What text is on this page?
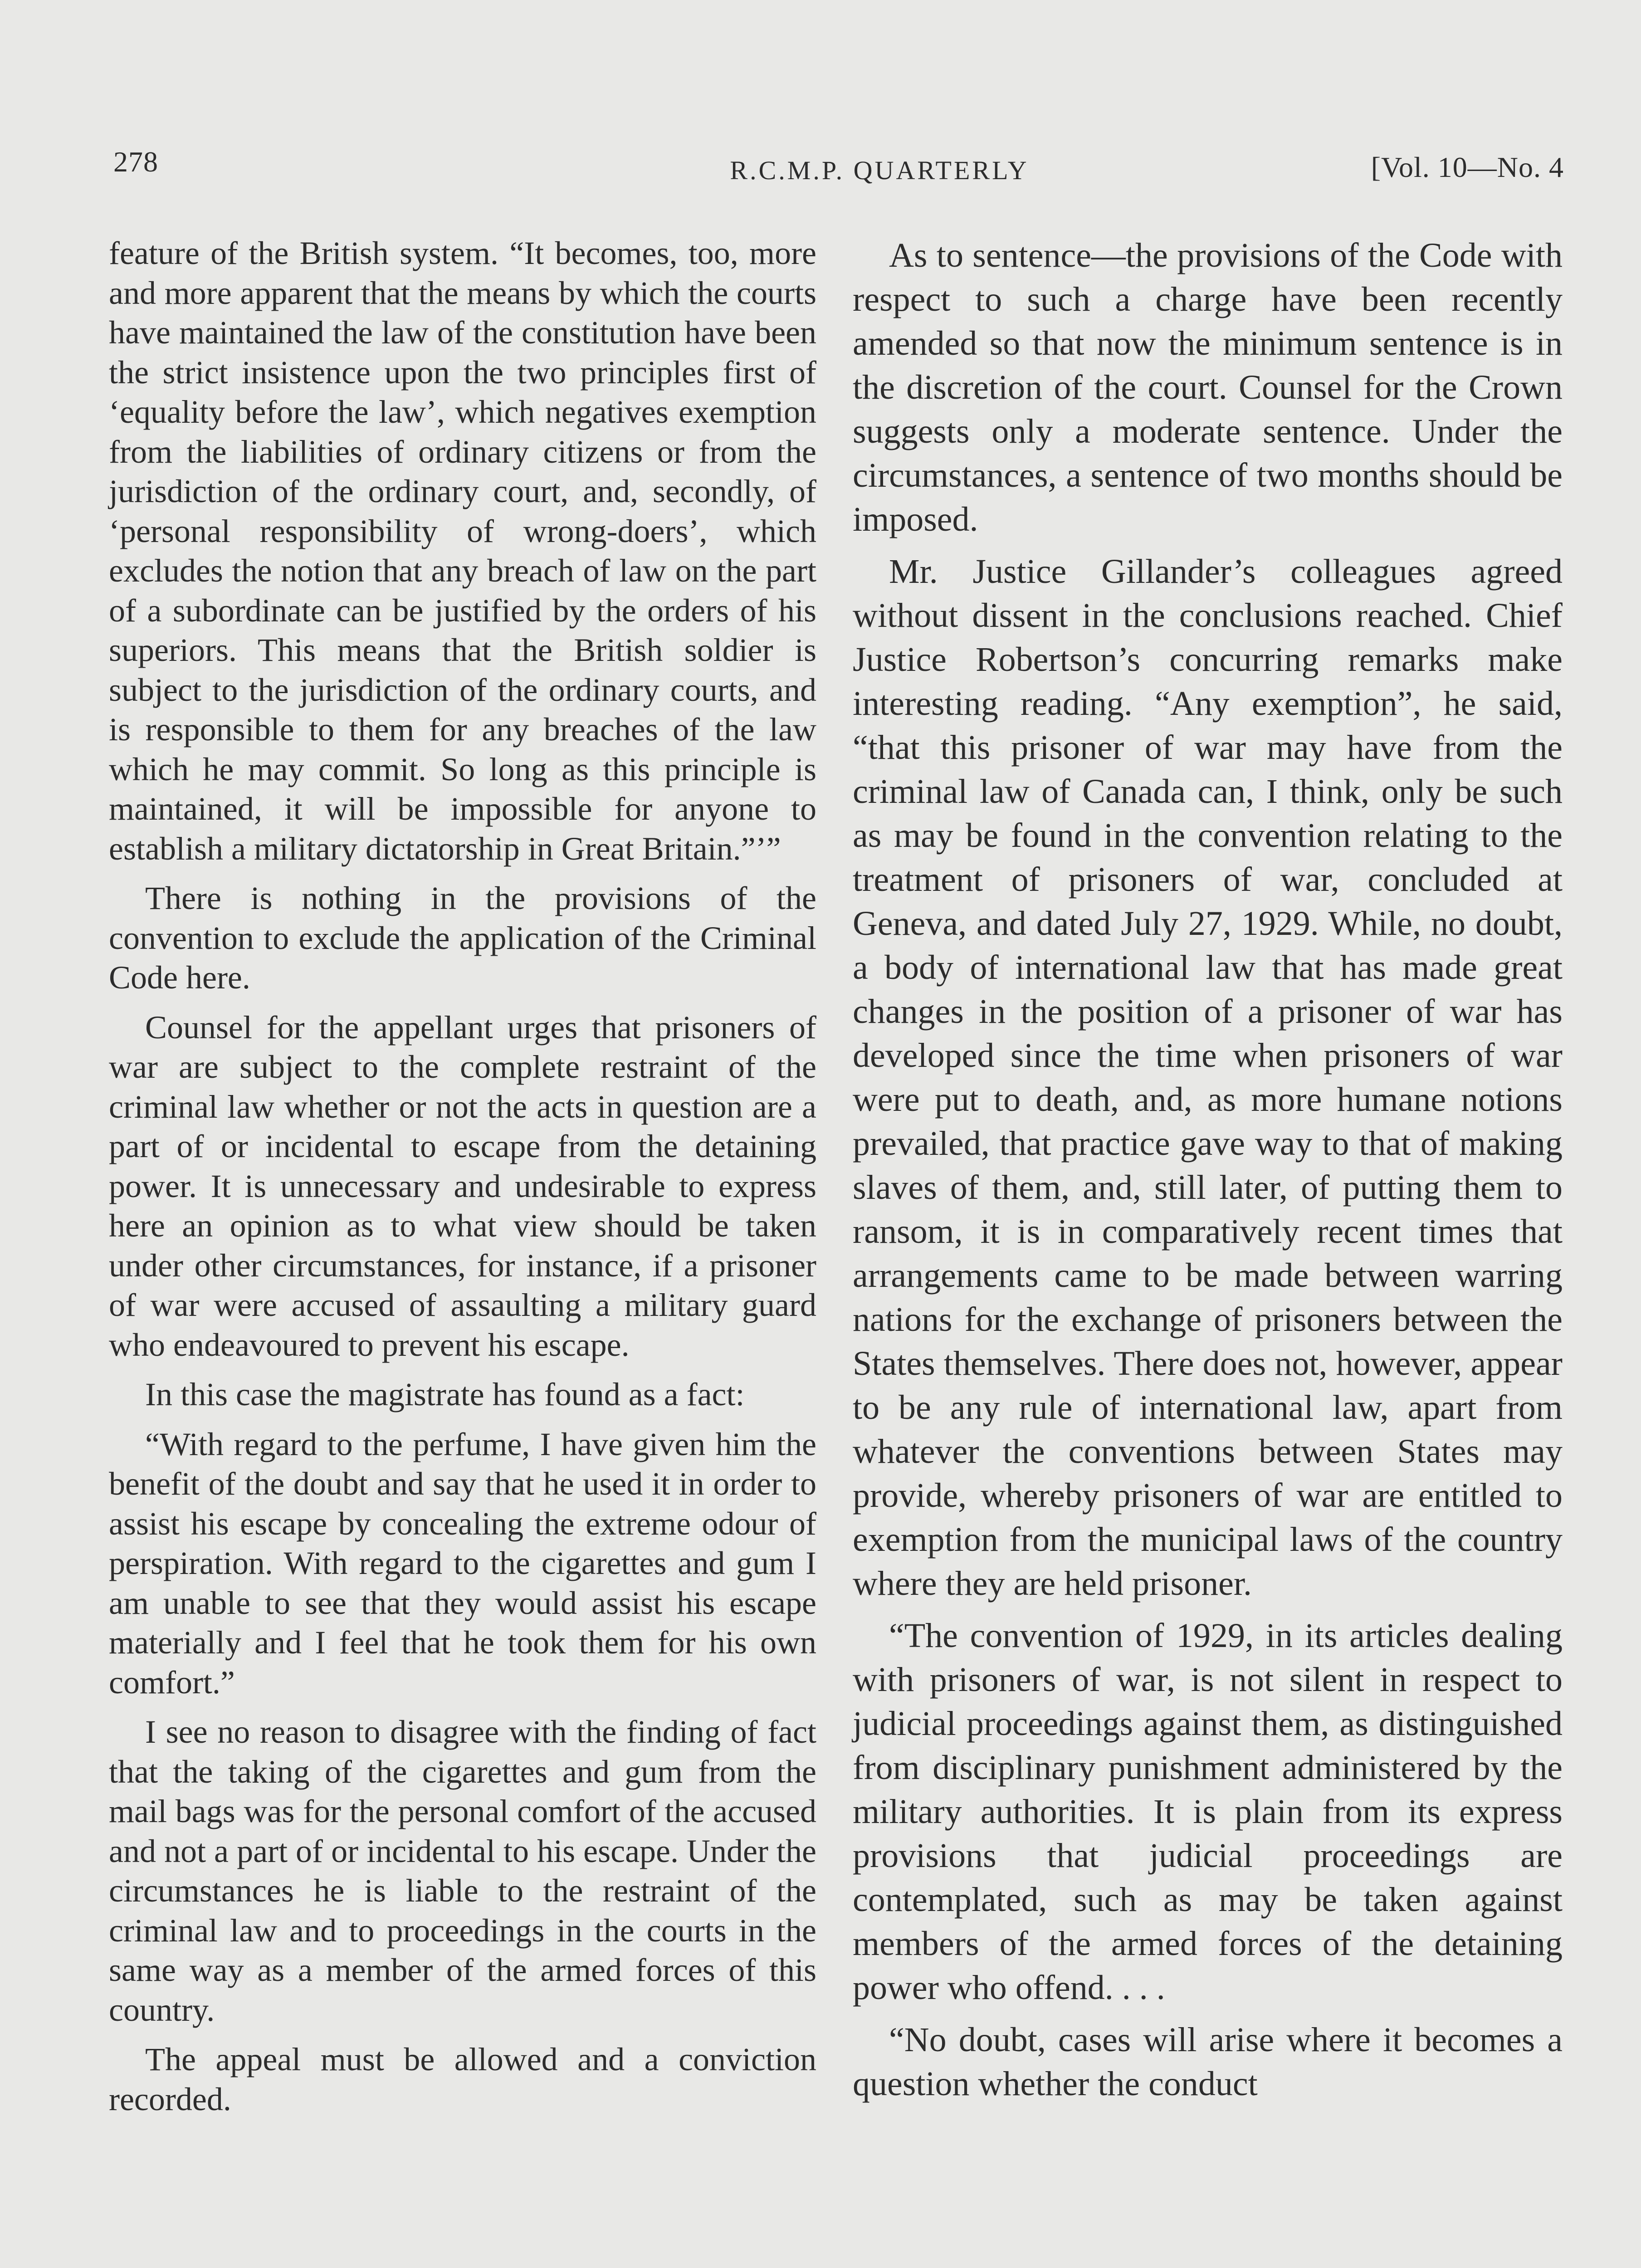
278	R.C.M.P. QUARTERLY	[Vol. 10—No. 4

feature of the British system. “It becomes, too, more and more apparent that the means by which the courts have maintained the law of the constitution have been the strict insistence upon the two principles first of ‘equality before the law’, which negatives exemption from the liabilities of ordinary citizens or from the jurisdiction of the ordinary court, and, secondly, of ‘personal responsibility of wrong-doers’, which excludes the notion that any breach of law on the part of a subordinate can be justified by the orders of his superiors. This means that the British soldier is subject to the jurisdiction of the ordinary courts, and is responsible to them for any breaches of the law which he may commit. So long as this principle is maintained, it will be impossible for anyone to establish a military dictatorship in Great Britain.”’”

There is nothing in the provisions of the convention to exclude the application of the Criminal Code here.

Counsel for the appellant urges that prisoners of war are subject to the complete restraint of the criminal law whether or not the acts in question are a part of or incidental to escape from the detaining power. It is unnecessary and undesirable to express here an opinion as to what view should be taken under other circumstances, for instance, if a prisoner of war were accused of assaulting a military guard who endeavoured to prevent his escape.

In this case the magistrate has found as a fact:

“With regard to the perfume, I have given him the benefit of the doubt and say that he used it in order to assist his escape by concealing the extreme odour of perspiration. With regard to the cigarettes and gum I am unable to see that they would assist his escape materially and I feel that he took them for his own comfort.”

I see no reason to disagree with the finding of fact that the taking of the cigarettes and gum from the mail bags was for the personal comfort of the accused and not a part of or incidental to his escape. Under the circumstances he is liable to the restraint of the criminal law and to proceedings in the courts in the same way as a member of the armed forces of this country.

The appeal must be allowed and a conviction recorded.

As to sentence—the provisions of the Code with respect to such a charge have been recently amended so that now the minimum sentence is in the discretion of the court. Counsel for the Crown suggests only a moderate sentence. Under the circumstances, a sentence of two months should be imposed.

Mr. Justice Gillander’s colleagues agreed without dissent in the conclusions reached. Chief Justice Robertson’s concurring remarks make interesting reading. “Any exemption”, he said, “that this prisoner of war may have from the criminal law of Canada can, I think, only be such as may be found in the convention relating to the treatment of prisoners of war, concluded at Geneva, and dated July 27, 1929. While, no doubt, a body of international law that has made great changes in the position of a prisoner of war has developed since the time when prisoners of war were put to death, and, as more humane notions prevailed, that practice gave way to that of making slaves of them, and, still later, of putting them to ransom, it is in comparatively recent times that arrangements came to be made between warring nations for the exchange of prisoners between the States themselves. There does not, however, appear to be any rule of international law, apart from whatever the conventions between States may provide, whereby prisoners of war are entitled to exemption from the municipal laws of the country where they are held prisoner.

“The convention of 1929, in its articles dealing with prisoners of war, is not silent in respect to judicial proceedings against them, as distinguished from disciplinary punishment administered by the military authorities. It is plain from its express provisions that judicial proceedings are contemplated, such as may be taken against members of the armed forces of the detaining power who offend. . . .

“No doubt, cases will arise where it becomes a question whether the conduct
